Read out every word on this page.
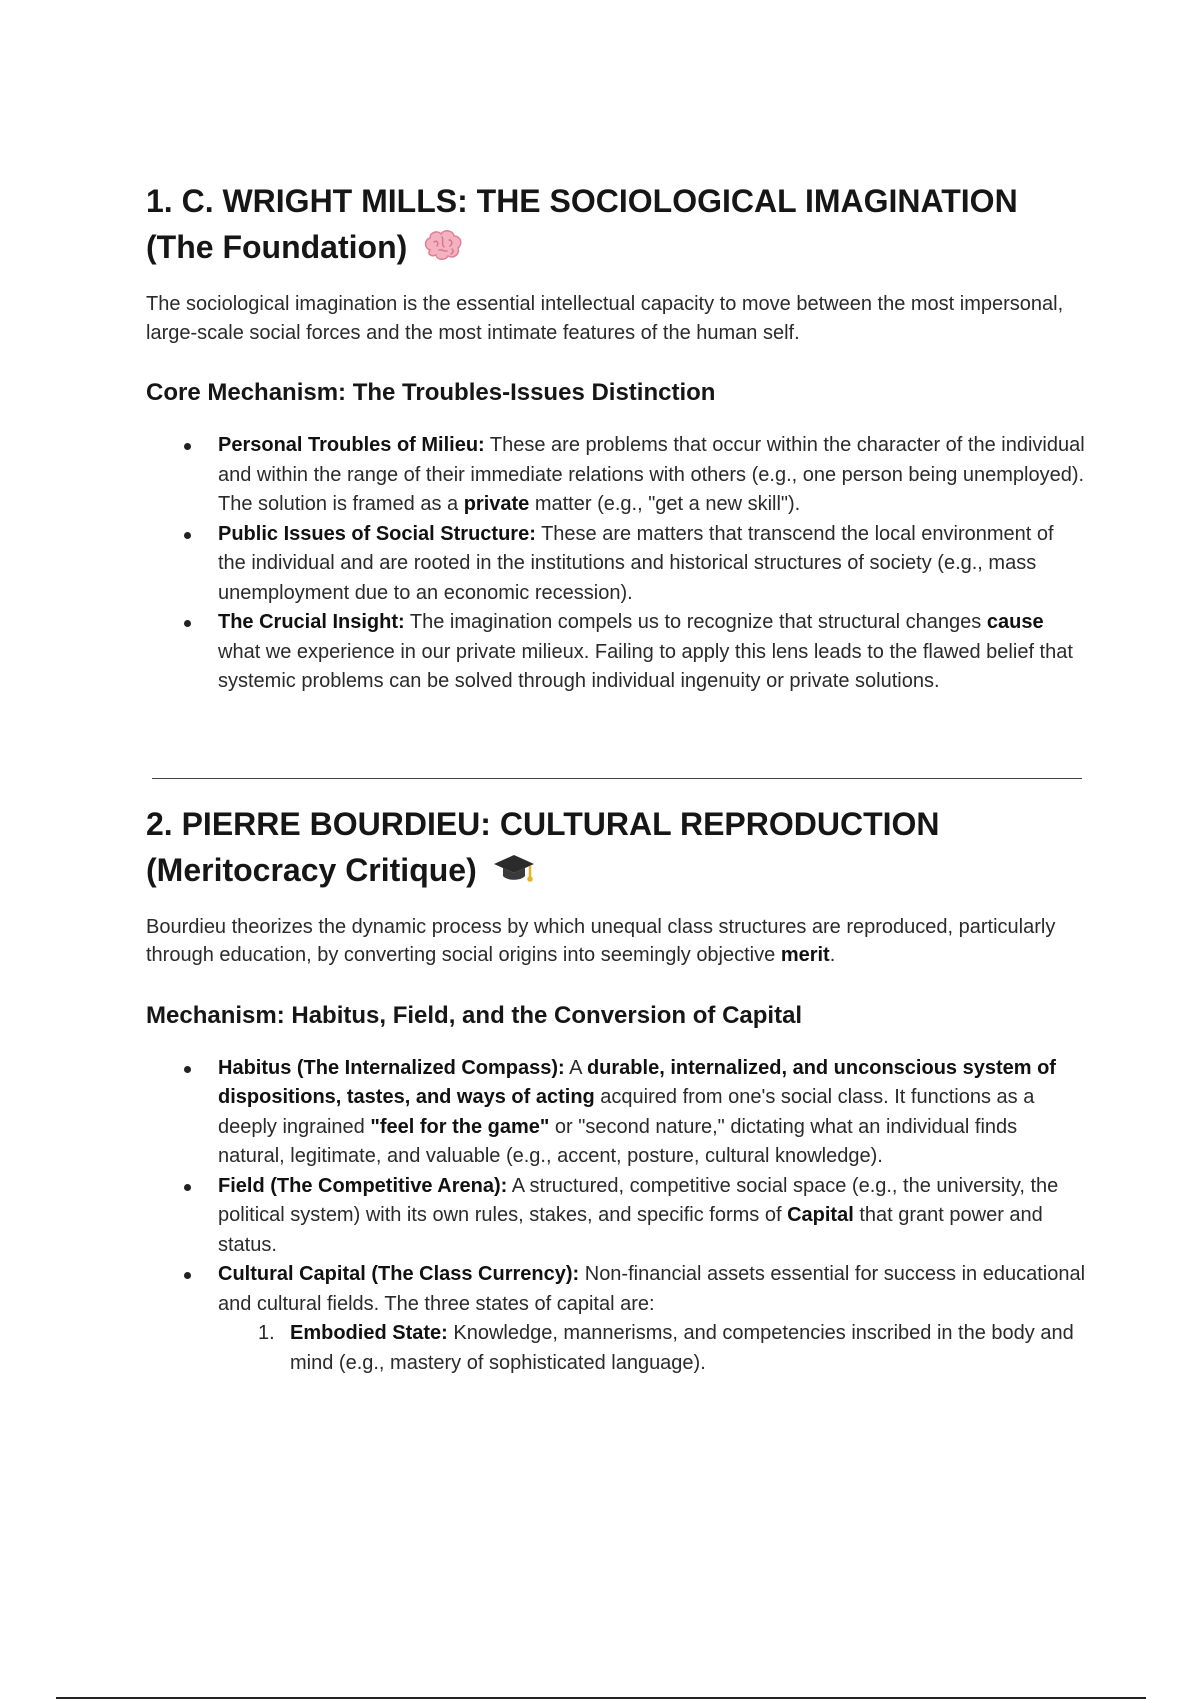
1. C. WRIGHT MILLS: THE SOCIOLOGICAL IMAGINATION
(The Foundation)

The sociological imagination is the essential intellectual capacity to move between the most impersonal, large-scale social forces and the most intimate features of the human self.

Core Mechanism: The Troubles-Issues Distinction
Personal Troubles of Milieu: These are problems that occur within the character of the individual and within the range of their immediate relations with others (e.g., one person being unemployed). The solution is framed as a private matter (e.g., "get a new skill").
Public Issues of Social Structure: These are matters that transcend the local environment of the individual and are rooted in the institutions and historical structures of society (e.g., mass unemployment due to an economic recession).
The Crucial Insight: The imagination compels us to recognize that structural changes cause what we experience in our private milieux. Failing to apply this lens leads to the flawed belief that systemic problems can be solved through individual ingenuity or private solutions.
2. PIERRE BOURDIEU: CULTURAL REPRODUCTION
(Meritocracy Critique)

Bourdieu theorizes the dynamic process by which unequal class structures are reproduced, particularly through education, by converting social origins into seemingly objective merit.

Mechanism: Habitus, Field, and the Conversion of Capital
Habitus (The Internalized Compass): A durable, internalized, and unconscious system of dispositions, tastes, and ways of acting acquired from one's social class. It functions as a deeply ingrained "feel for the game" or "second nature," dictating what an individual finds natural, legitimate, and valuable (e.g., accent, posture, cultural knowledge).
Field (The Competitive Arena): A structured, competitive social space (e.g., the university, the political system) with its own rules, stakes, and specific forms of Capital that grant power and status.
Cultural Capital (The Class Currency): Non-financial assets essential for success in educational and cultural fields. The three states of capital are:
1. Embodied State: Knowledge, mannerisms, and competencies inscribed in the body and mind (e.g., mastery of sophisticated language).
